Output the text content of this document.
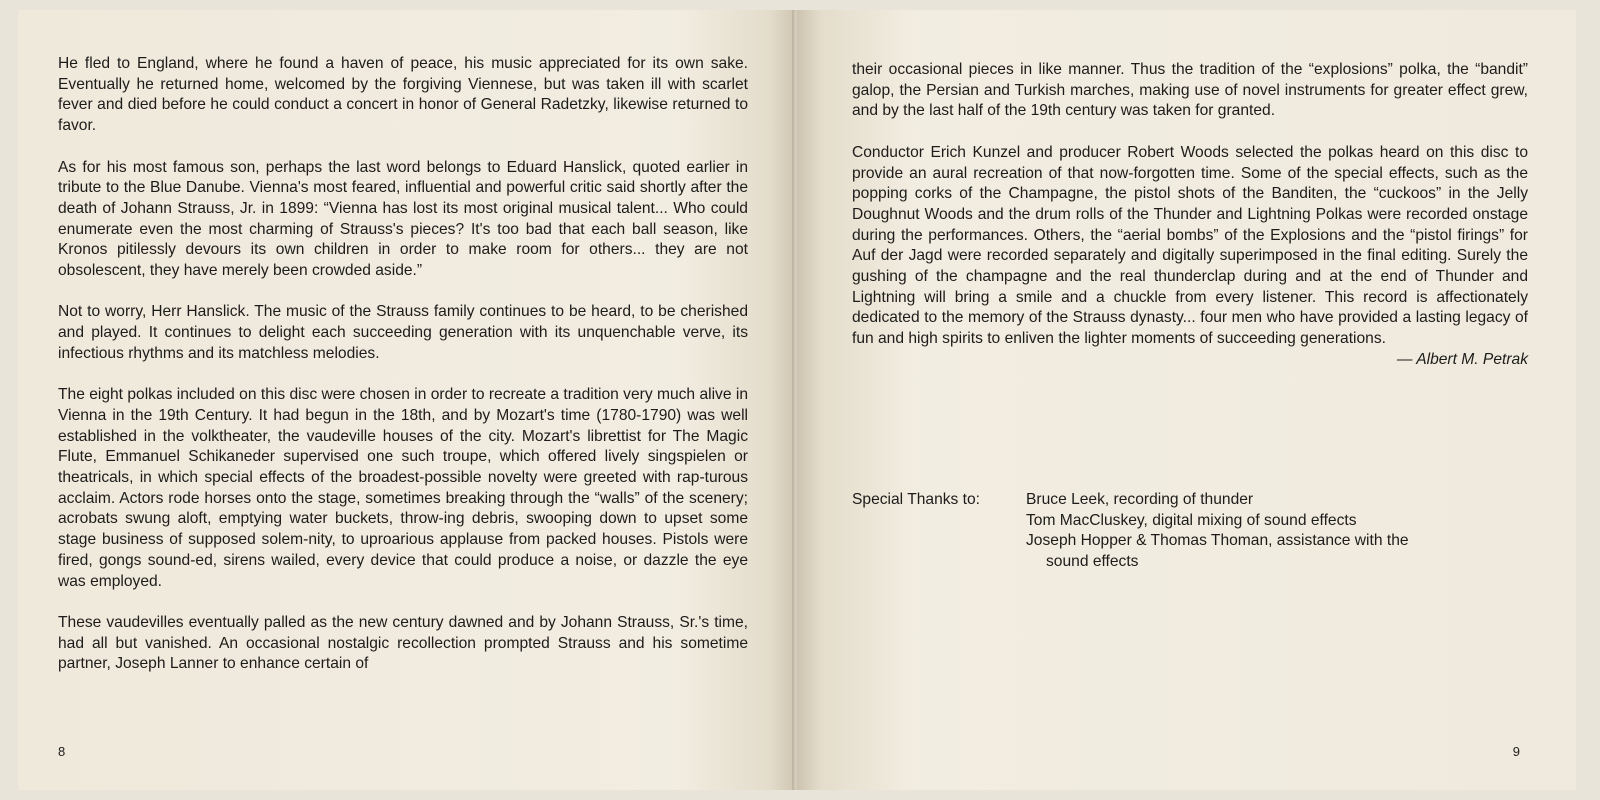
He fled to England, where he found a haven of peace, his music appreciated for its own sake. Eventually he returned home, welcomed by the forgiving Viennese, but was taken ill with scarlet fever and died before he could conduct a concert in honor of General Radetzky, likewise returned to favor.

As for his most famous son, perhaps the last word belongs to Eduard Hanslick, quoted earlier in tribute to the Blue Danube. Vienna's most feared, influential and powerful critic said shortly after the death of Johann Strauss, Jr. in 1899: “Vienna has lost its most original musical talent... Who could enumerate even the most charming of Strauss's pieces? It's too bad that each ball season, like Kronos pitilessly devours its own children in order to make room for others... they are not obsolescent, they have merely been crowded aside.”

Not to worry, Herr Hanslick. The music of the Strauss family continues to be heard, to be cherished and played. It continues to delight each succeeding generation with its unquenchable verve, its infectious rhythms and its matchless melodies.

The eight polkas included on this disc were chosen in order to recreate a tradition very much alive in Vienna in the 19th Century. It had begun in the 18th, and by Mozart's time (1780-1790) was well established in the volktheater, the vaudeville houses of the city. Mozart's librettist for The Magic Flute, Emmanuel Schikaneder supervised one such troupe, which offered lively singspielen or theatricals, in which special effects of the broadest-possible novelty were greeted with rap-turous acclaim. Actors rode horses onto the stage, sometimes breaking through the “walls” of the scenery; acrobats swung aloft, emptying water buckets, throw-ing debris, swooping down to upset some stage business of supposed solem-nity, to uproarious applause from packed houses. Pistols were fired, gongs sound-ed, sirens wailed, every device that could produce a noise, or dazzle the eye was employed.

These vaudevilles eventually palled as the new century dawned and by Johann Strauss, Sr.'s time, had all but vanished. An occasional nostalgic recollection prompted Strauss and his sometime partner, Joseph Lanner to enhance certain of

8

their occasional pieces in like manner. Thus the tradition of the “explosions” polka, the “bandit” galop, the Persian and Turkish marches, making use of novel instruments for greater effect grew, and by the last half of the 19th century was taken for granted.

Conductor Erich Kunzel and producer Robert Woods selected the polkas heard on this disc to provide an aural recreation of that now-forgotten time. Some of the special effects, such as the popping corks of the Champagne, the pistol shots of the Banditen, the “cuckoos” in the Jelly Doughnut Woods and the drum rolls of the Thunder and Lightning Polkas were recorded onstage during the performances. Others, the “aerial bombs” of the Explosions and the “pistol firings” for Auf der Jagd were recorded separately and digitally superimposed in the final editing. Surely the gushing of the champagne and the real thunderclap during and at the end of Thunder and Lightning will bring a smile and a chuckle from every listener. This record is affectionately dedicated to the memory of the Strauss dynasty... four men who have provided a lasting legacy of fun and high spirits to enliven the lighter moments of succeeding generations.

— Albert M. Petrak

Special Thanks to:	Bruce Leek, recording of thunder
Tom MacCluskey, digital mixing of sound effects
Joseph Hopper & Thomas Thoman, assistance with the
sound effects
9
